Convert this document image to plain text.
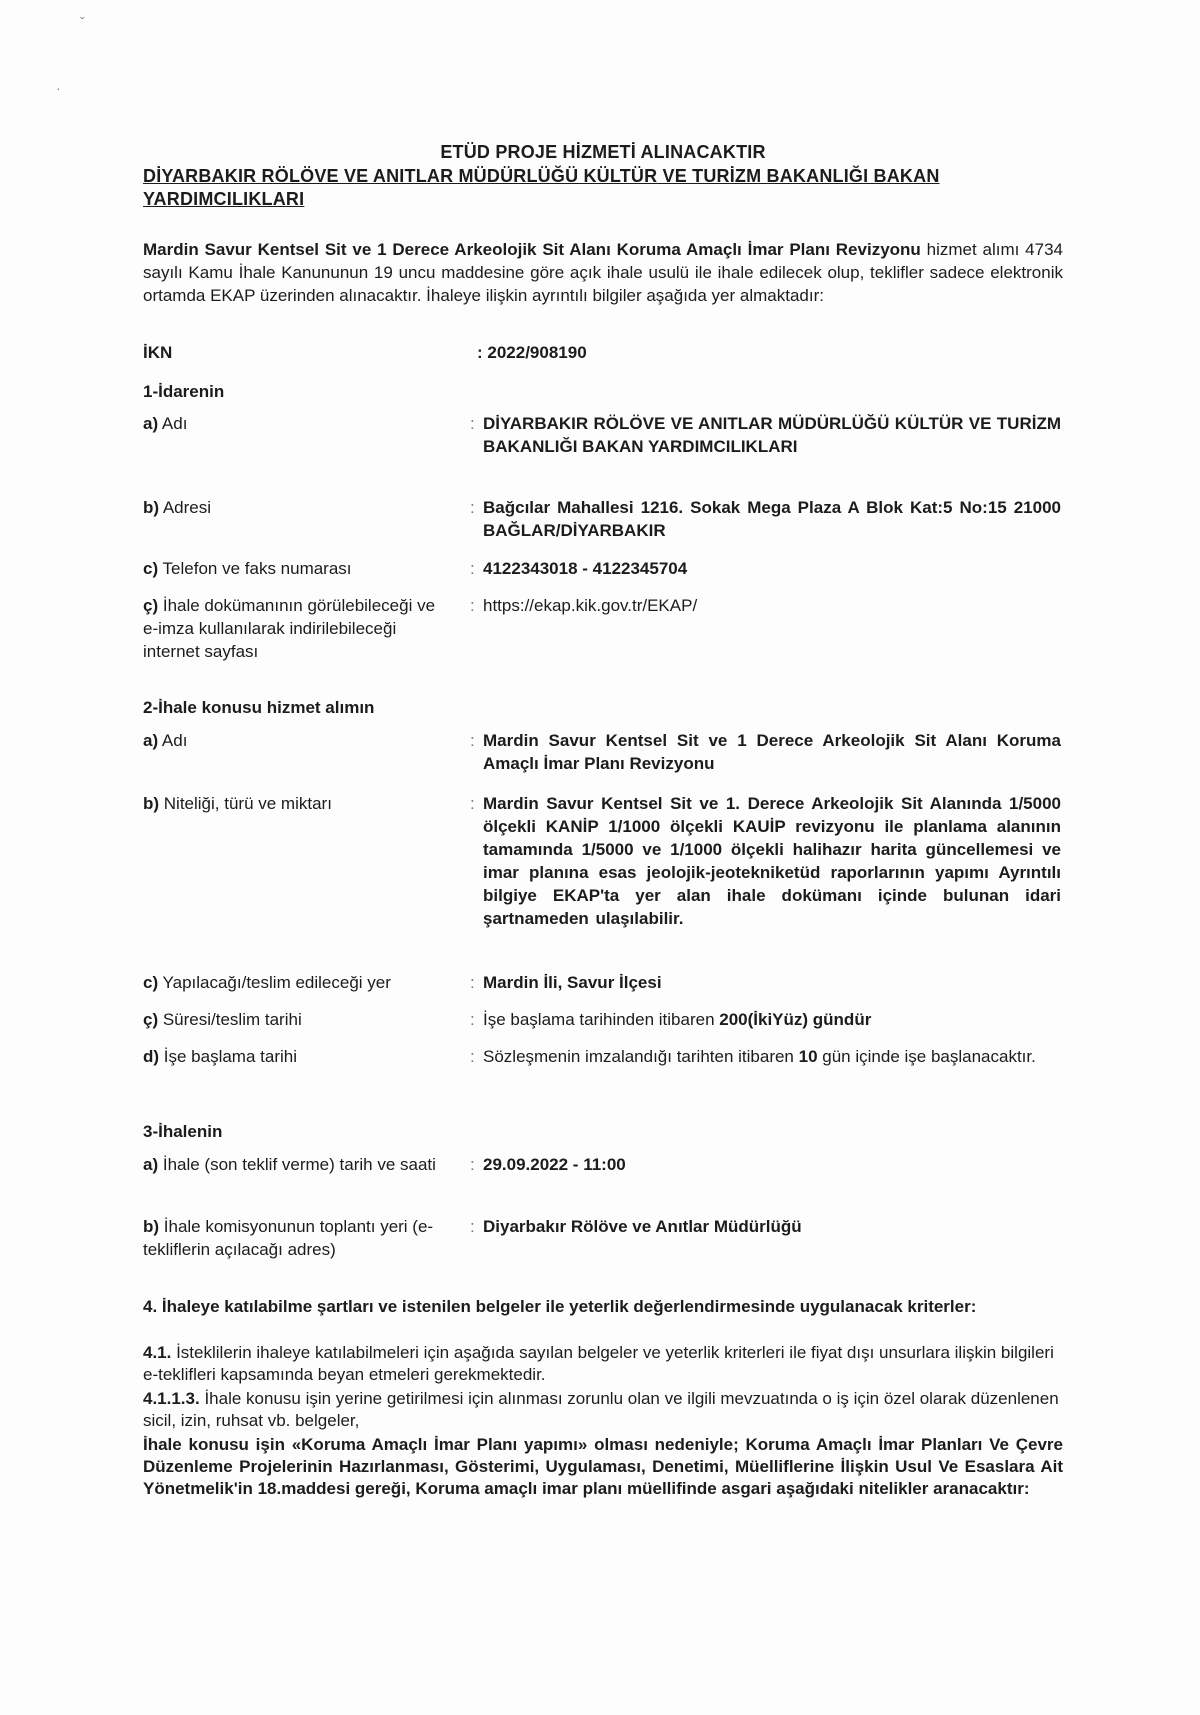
ˇ
·
ETÜD PROJE HİZMETİ ALINACAKTIR
DİYARBAKIR RÖLÖVE VE ANITLAR MÜDÜRLÜĞÜ KÜLTÜR VE TURİZM BAKANLIĞI BAKAN YARDIMCILIKLARI
Mardin Savur Kentsel Sit ve 1 Derece Arkeolojik Sit Alanı Koruma Amaçlı İmar Planı Revizyonu hizmet alımı 4734 sayılı Kamu İhale Kanununun 19 uncu maddesine göre açık ihale usulü ile ihale edilecek olup, teklifler sadece elektronik ortamda EKAP üzerinden alınacaktır. İhaleye ilişkin ayrıntılı bilgiler aşağıda yer almaktadır:
İKN	: 2022/908190
1-İdarenin
a) Adı	: DİYARBAKIR RÖLÖVE VE ANITLAR MÜDÜRLÜĞÜ KÜLTÜR VE TURİZM BAKANLIĞI BAKAN YARDIMCILIKLARI
b) Adresi	: Bağcılar Mahallesi 1216. Sokak Mega Plaza A Blok Kat:5 No:15 21000 BAĞLAR/DİYARBAKIR
c) Telefon ve faks numarası	: 4122343018 - 4122345704
ç) İhale dokümanının görülebileceği ve e-imza kullanılarak indirilebileceği internet sayfası
: https://ekap.kik.gov.tr/EKAP/
2-İhale konusu hizmet alımın
a) Adı	: Mardin Savur Kentsel Sit ve 1 Derece Arkeolojik Sit Alanı Koruma Amaçlı İmar Planı Revizyonu
b) Niteliği, türü ve miktarı	: Mardin Savur Kentsel Sit ve 1. Derece Arkeolojik Sit Alanında 1/5000 ölçekli KANİP 1/1000 ölçekli KAUİP revizyonu ile planlama alanının tamamında 1/5000 ve 1/1000 ölçekli halihazır harita güncellemesi ve imar planına esas jeolojik-jeotekniketüd raporlarının yapımı Ayrıntılı bilgiye EKAP'ta yer alan ihale dokümanı içinde bulunan idari şartnameden ulaşılabilir.
c) Yapılacağı/teslim edileceği yer	: Mardin İli, Savur İlçesi
ç) Süresi/teslim tarihi	: İşe başlama tarihinden itibaren 200(İkiYüz) gündür
d) İşe başlama tarihi	: Sözleşmenin imzalandığı tarihten itibaren 10 gün içinde işe başlanacaktır.
3-İhalenin
a) İhale (son teklif verme) tarih ve saati	: 29.09.2022 - 11:00
b) İhale komisyonunun toplantı yeri (e-tekliflerin açılacağı adres)
: Diyarbakır Rölöve ve Anıtlar Müdürlüğü
4. İhaleye katılabilme şartları ve istenilen belgeler ile yeterlik değerlendirmesinde uygulanacak kriterler:
4.1. İsteklilerin ihaleye katılabilmeleri için aşağıda sayılan belgeler ve yeterlik kriterleri ile fiyat dışı unsurlara ilişkin bilgileri e-teklifleri kapsamında beyan etmeleri gerekmektedir.
4.1.1.3. İhale konusu işin yerine getirilmesi için alınması zorunlu olan ve ilgili mevzuatında o iş için özel olarak düzenlenen sicil, izin, ruhsat vb. belgeler,
İhale konusu işin «Koruma Amaçlı İmar Planı yapımı» olması nedeniyle; Koruma Amaçlı İmar Planları Ve Çevre Düzenleme Projelerinin Hazırlanması, Gösterimi, Uygulaması, Denetimi, Müelliflerine İlişkin Usul Ve Esaslara Ait Yönetmelik'in 18.maddesi gereği, Koruma amaçlı imar planı müellifinde asgari aşağıdaki nitelikler aranacaktır:
